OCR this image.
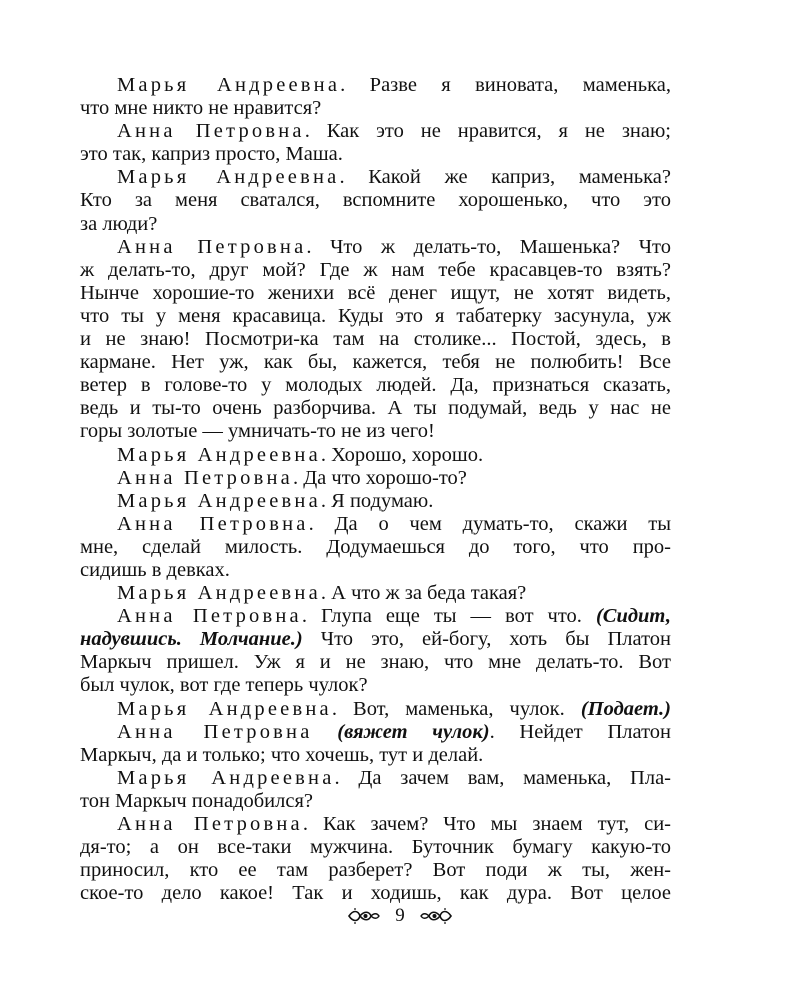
Марья Андреевна. Разве я виновата, маменька,
что мне никто не нравится?
Анна Петровна. Как это не нравится, я не знаю;
это так, каприз просто, Маша.
Марья Андреевна. Какой же каприз, маменька?
Кто за меня сватался, вспомните хорошенько, что это
за люди?
Анна Петровна. Что ж делать-то, Машенька? Что
ж делать-то, друг мой? Где ж нам тебе красавцев-то взять?
Нынче хорошие-то женихи всё денег ищут, не хотят видеть,
что ты у меня красавица. Куды это я табатерку засунула, уж
и не знаю! Посмотри-ка там на столике... Постой, здесь, в
кармане. Нет уж, как бы, кажется, тебя не полюбить! Все
ветер в голове-то у молодых людей. Да, признаться сказать,
ведь и ты-то очень разборчива. А ты подумай, ведь у нас не
горы золотые — умничать-то не из чего!
Марья Андреевна. Хорошо, хорошо.
Анна Петровна. Да что хорошо-то?
Марья Андреевна. Я подумаю.
Анна Петровна. Да о чем думать-то, скажи ты
мне, сделай милость. Додумаешься до того, что про-
сидишь в девках.
Марья Андреевна. А что ж за беда такая?
Анна Петровна. Глупа еще ты — вот что. (Сидит,
надувшись. Молчание.) Что это, ей-богу, хоть бы Платон
Маркыч пришел. Уж я и не знаю, что мне делать-то. Вот
был чулок, вот где теперь чулок?
Марья Андреевна. Вот, маменька, чулок. (Подает.)
Анна Петровна (вяжет чулок). Нейдет Платон
Маркыч, да и только; что хочешь, тут и делай.
Марья Андреевна. Да зачем вам, маменька, Пла-
тон Маркыч понадобился?
Анна Петровна. Как зачем? Что мы знаем тут, си-
дя-то; а он все-таки мужчина. Буточник бумагу какую-то
приносил, кто ее там разберет? Вот поди ж ты, жен-
ское-то дело какое! Так и ходишь, как дура. Вот целое
9
